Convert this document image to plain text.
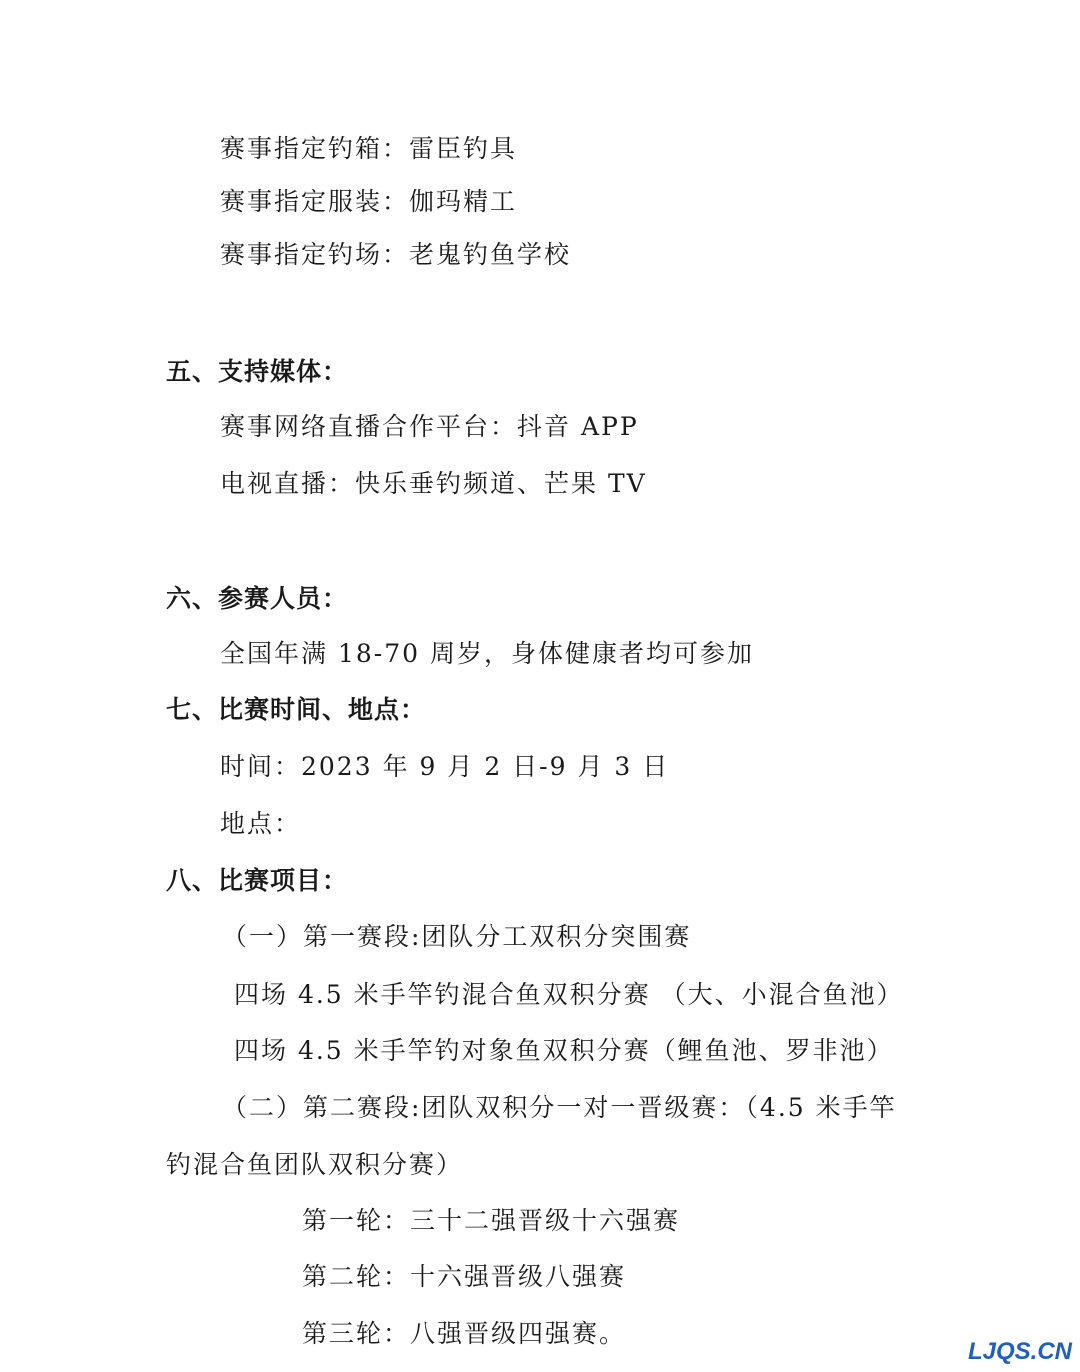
赛事指定钓箱：雷臣钓具
赛事指定服装：伽玛精工
赛事指定钓场：老鬼钓鱼学校
五、支持媒体：
赛事网络直播合作平台：抖音 APP
电视直播：快乐垂钓频道、芒果 TV
六、参赛人员：
全国年满 18-70 周岁，身体健康者均可参加
七、比赛时间、地点：
时间：2023 年 9 月 2 日-9 月 3 日
地点：
八、比赛项目：
（一）第一赛段:团队分工双积分突围赛
四场 4.5 米手竿钓混合鱼双积分赛 （大、小混合鱼池）
四场 4.5 米手竿钓对象鱼双积分赛（鲤鱼池、罗非池）
（二）第二赛段:团队双积分一对一晋级赛：（4.5 米手竿
钓混合鱼团队双积分赛）
第一轮：三十二强晋级十六强赛
第二轮：十六强晋级八强赛
第三轮：八强晋级四强赛。
LJQS.CN
